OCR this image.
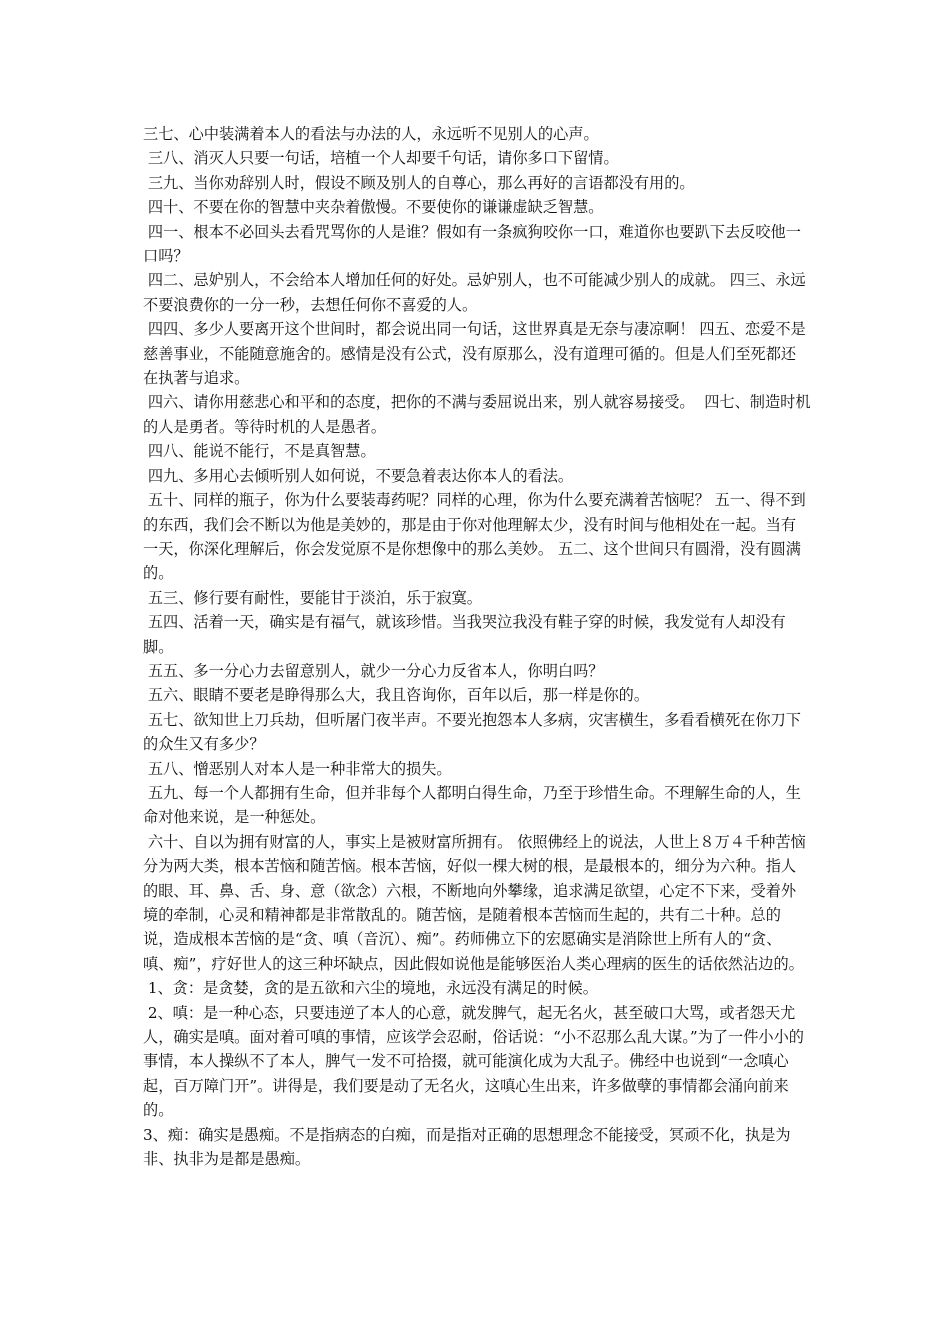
三七、心中装满着本人的看法与办法的人，永远听不见别人的心声。

三八、消灭人只要一句话，培植一个人却要千句话，请你多口下留情。

三九、当你劝辞别人时，假设不顾及别人的自尊心，那么再好的言语都没有用的。

四十、不要在你的智慧中夹杂着傲慢。不要使你的谦谦虚缺乏智慧。

四一、根本不必回头去看咒骂你的人是谁？假如有一条疯狗咬你一口，难道你也要趴下去反咬他一口吗？

四二、忌妒别人，不会给本人增加任何的好处。忌妒别人，也不可能减少别人的成就。 四三、永远不要浪费你的一分一秒，去想任何你不喜爱的人。

四四、多少人要离开这个世间时，都会说出同一句话，这世界真是无奈与凄凉啊！ 四五、恋爱不是慈善事业，不能随意施舍的。感情是没有公式，没有原那么，没有道理可循的。但是人们至死都还在执著与追求。

四六、请你用慈悲心和平和的态度，把你的不满与委屈说出来，别人就容易接受。  四七、制造时机的人是勇者。等待时机的人是愚者。

四八、能说不能行，不是真智慧。

四九、多用心去倾听别人如何说，不要急着表达你本人的看法。

五十、同样的瓶子，你为什么要装毒药呢？同样的心理，你为什么要充满着苦恼呢？ 五一、得不到的东西，我们会不断以为他是美妙的，那是由于你对他理解太少，没有时间与他相处在一起。当有一天，你深化理解后，你会发觉原不是你想像中的那么美妙。 五二、这个世间只有圆滑，没有圆满的。

五三、修行要有耐性，要能甘于淡泊，乐于寂寞。

五四、活着一天，确实是有福气，就该珍惜。当我哭泣我没有鞋子穿的时候，我发觉有人却没有脚。

五五、多一分心力去留意别人，就少一分心力反省本人，你明白吗？

五六、眼睛不要老是睁得那么大，我且咨询你，百年以后，那一样是你的。

五七、欲知世上刀兵劫，但听屠门夜半声。不要光抱怨本人多病，灾害横生，多看看横死在你刀下的众生又有多少？

五八、憎恶别人对本人是一种非常大的损失。

五九、每一个人都拥有生命，但并非每个人都明白得生命，乃至于珍惜生命。不理解生命的人，生命对他来说，是一种惩处。

六十、自以为拥有财富的人，事实上是被财富所拥有。 依照佛经上的说法，人世上８万４千种苦恼分为两大类，根本苦恼和随苦恼。根本苦恼，好似一棵大树的根，是最根本的，细分为六种。指人的眼、耳、鼻、舌、身、意（欲念）六根，不断地向外攀缘，追求满足欲望，心定不下来，受着外境的牵制，心灵和精神都是非常散乱的。随苦恼，是随着根本苦恼而生起的，共有二十种。总的说，造成根本苦恼的是“贪、嗔（音沉）、痴”。药师佛立下的宏愿确实是消除世上所有人的“贪、嗔、痴”，疗好世人的这三种坏缺点，因此假如说他是能够医治人类心理病的医生的话依然沾边的。

1、贪：是贪婪，贪的是五欲和六尘的境地，永远没有满足的时候。

2、嗔：是一种心态，只要违逆了本人的心意，就发脾气，起无名火，甚至破口大骂，或者怨天尤人，确实是嗔。面对着可嗔的事情，应该学会忍耐，俗话说：“小不忍那么乱大谋。”为了一件小小的事情，本人操纵不了本人，脾气一发不可拾掇，就可能演化成为大乱子。佛经中也说到“一念嗔心起，百万障门开”。讲得是，我们要是动了无名火，这嗔心生出来，许多做孽的事情都会涌向前来的。

3、痴：确实是愚痴。不是指病态的白痴，而是指对正确的思想理念不能接受，冥顽不化，执是为非、执非为是都是愚痴。
